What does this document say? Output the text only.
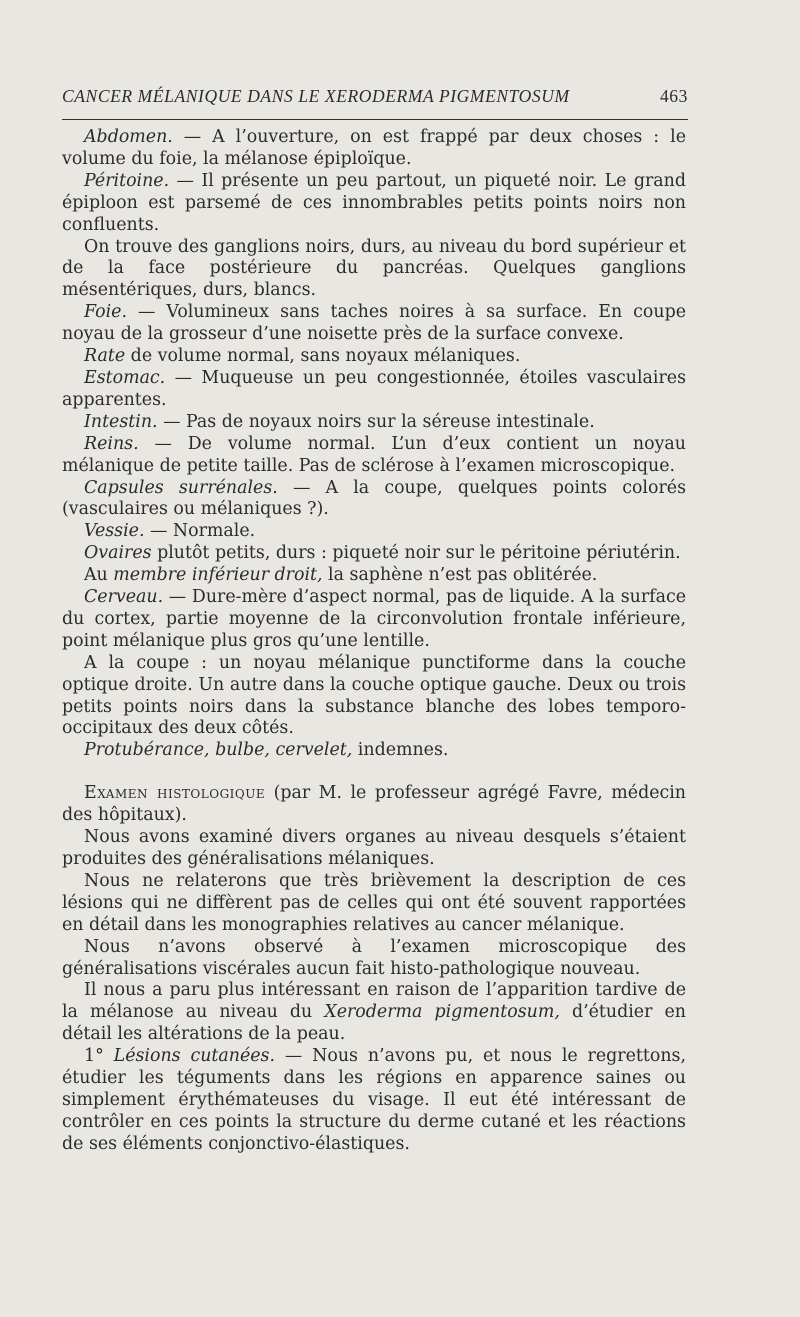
CANCER MÉLANIQUE DANS LE XERODERMA PIGMENTOSUM	463

Abdomen. — A l’ouverture, on est frappé par deux choses : le volume du foie, la mélanose épiploïque.

Péritoine. — Il présente un peu partout, un piqueté noir. Le grand épiploon est parsemé de ces innombrables petits points noirs non confluents.

On trouve des ganglions noirs, durs, au niveau du bord supérieur et de la face postérieure du pancréas. Quelques ganglions mésentériques, durs, blancs.

Foie. — Volumineux sans taches noires à sa surface. En coupe noyau de la grosseur d’une noisette près de la surface convexe.

Rate de volume normal, sans noyaux mélaniques.

Estomac. — Muqueuse un peu congestionnée, étoiles vasculaires apparentes.

Intestin. — Pas de noyaux noirs sur la séreuse intestinale.

Reins. — De volume normal. L’un d’eux contient un noyau mélanique de petite taille. Pas de sclérose à l’examen microscopique.

Capsules surrénales. — A la coupe, quelques points colorés (vasculaires ou mélaniques ?).

Vessie. — Normale.

Ovaires plutôt petits, durs : piqueté noir sur le péritoine périutérin.

Au membre inférieur droit, la saphène n’est pas oblitérée.

Cerveau. — Dure-mère d’aspect normal, pas de liquide. A la surface du cortex, partie moyenne de la circonvolution frontale inférieure, point mélanique plus gros qu’une lentille.

A la coupe : un noyau mélanique punctiforme dans la couche optique droite. Un autre dans la couche optique gauche. Deux ou trois petits points noirs dans la substance blanche des lobes temporo-occipitaux des deux côtés.

Protubérance, bulbe, cervelet, indemnes.

Examen histologique (par M. le professeur agrégé Favre, médecin des hôpitaux).

Nous avons examiné divers organes au niveau desquels s’étaient produites des généralisations mélaniques.

Nous ne relaterons que très brièvement la description de ces lésions qui ne diffèrent pas de celles qui ont été souvent rapportées en détail dans les monographies relatives au cancer mélanique.

Nous n’avons observé à l’examen microscopique des généralisations viscérales aucun fait histo-pathologique nouveau.

Il nous a paru plus intéressant en raison de l’apparition tardive de la mélanose au niveau du Xeroderma pigmentosum, d’étudier en détail les altérations de la peau.

1° Lésions cutanées. — Nous n’avons pu, et nous le regrettons, étudier les téguments dans les régions en apparence saines ou simplement érythémateuses du visage. Il eut été intéressant de contrôler en ces points la structure du derme cutané et les réactions de ses éléments conjonctivo-élastiques.
